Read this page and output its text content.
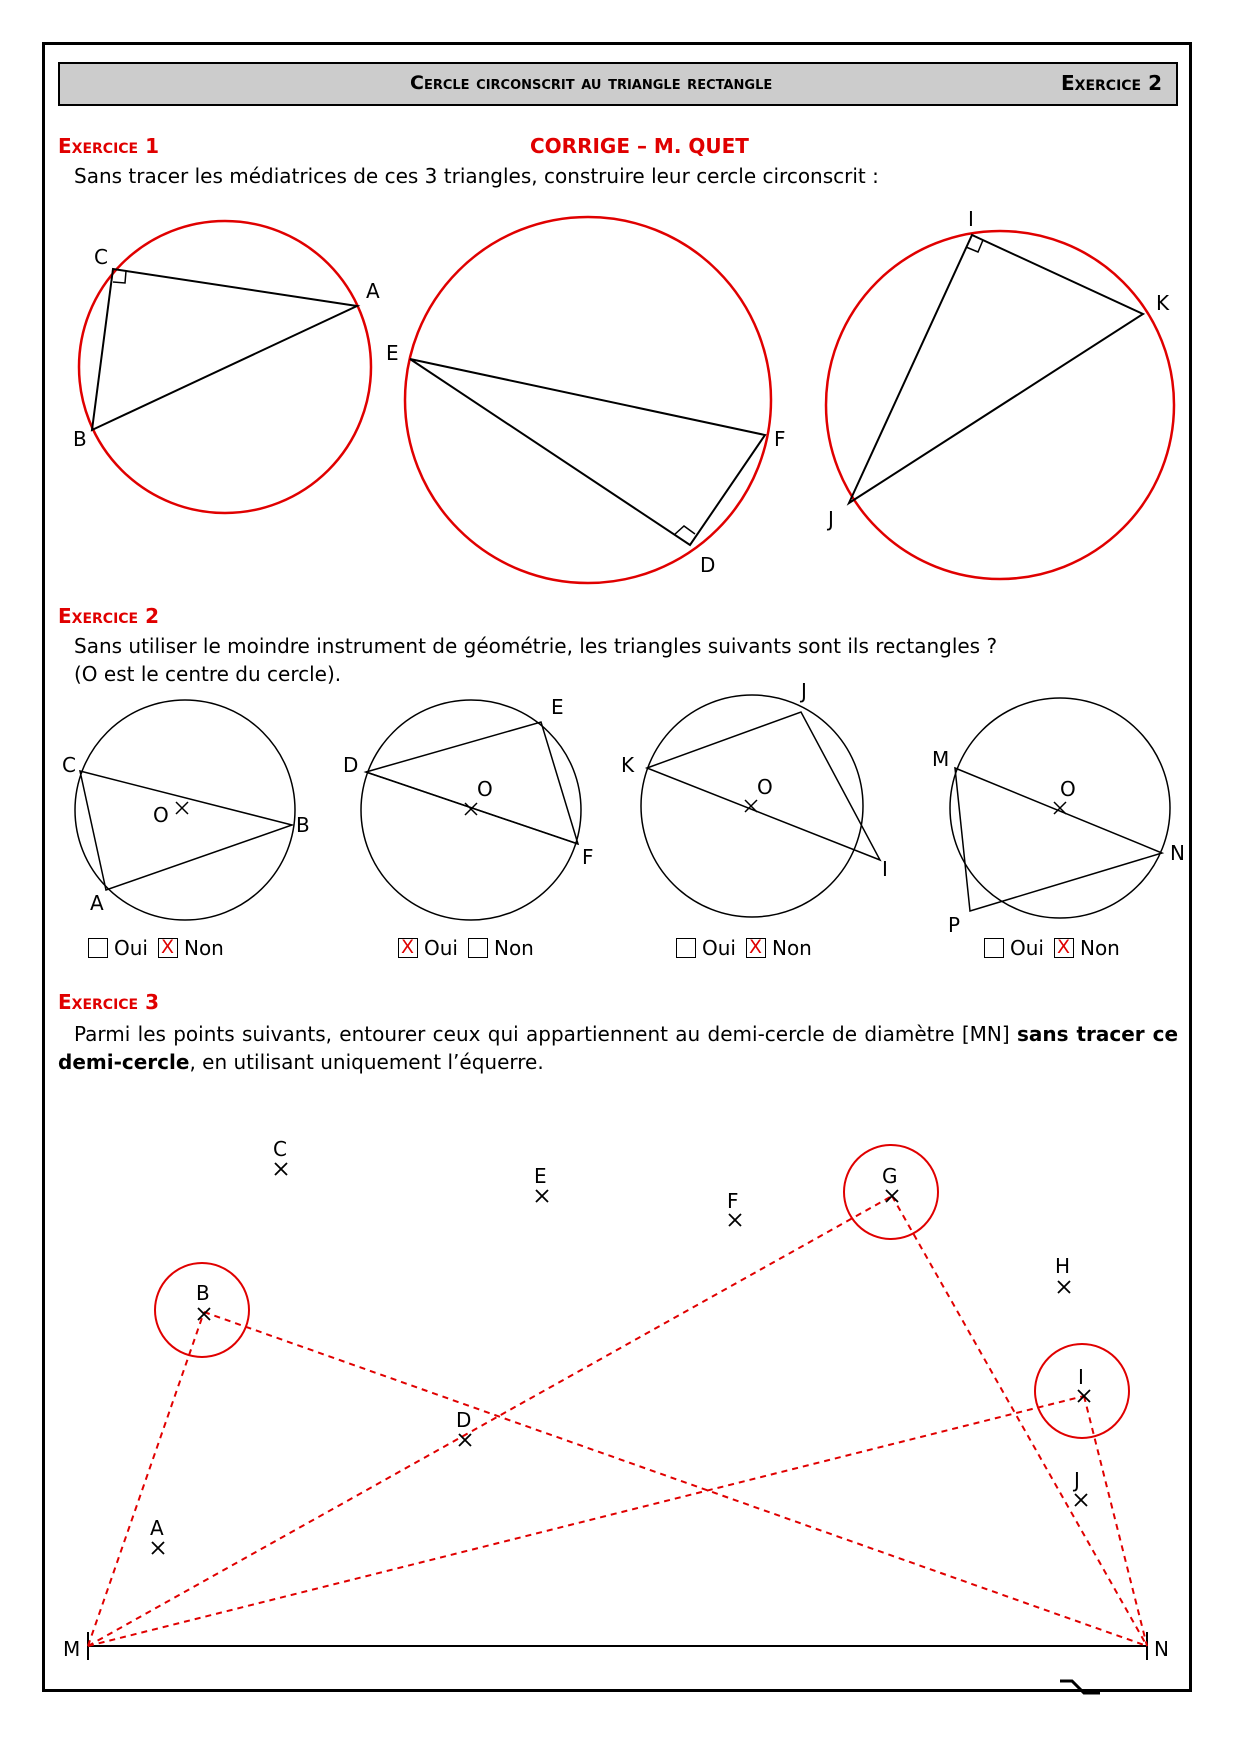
Cercle circonscrit au triangle rectangle	Exercice 2
Exercice 1	CORRIGE – M. QUET
Sans tracer les médiatrices de ces 3 triangles, construire leur cercle circonscrit :
C
A
B
E
F
D
I
K
J
C
O	B
A
D
E
O
F
K
J
O
I
M
O
N
P
C
E
F
G
B
H
I
D
J
A
M	N
Exercice 2
Sans utiliser le moindre instrument de géométrie, les triangles suivants sont ils rectangles ?
(O est le centre du cercle).
Oui X Non X	Oui Non	Oui X Non	Oui X Non
Exercice 3
Parmi les points suivants, entourer ceux qui appartiennent au demi-cercle de diamètre [MN] sans tracer ce demi-cercle, en utilisant uniquement l’équerre.
